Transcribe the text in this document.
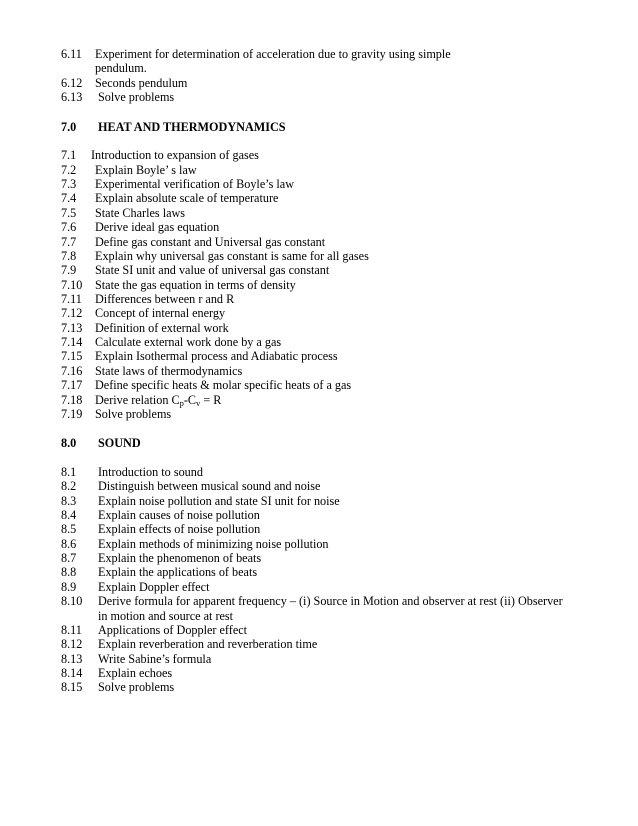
6.11 Experiment for determination of acceleration due to gravity using simple
pendulum.
6.12 Seconds pendulum
6.13 Solve problems
7.0 HEAT AND THERMODYNAMICS
7.1 Introduction to expansion of gases
7.2 Explain Boyle’ s law
7.3 Experimental verification of Boyle’s law
7.4 Explain absolute scale of temperature
7.5 State Charles laws
7.6 Derive ideal gas equation
7.7 Define gas constant and Universal gas constant
7.8 Explain why universal gas constant is same for all gases
7.9 State SI unit and value of universal gas constant
7.10 State the gas equation in terms of density
7.11 Differences between r and R
7.12 Concept of internal energy
7.13 Definition of external work
7.14 Calculate external work done by a gas
7.15 Explain Isothermal process and Adiabatic process
7.16 State laws of thermodynamics
7.17 Define specific heats & molar specific heats of a gas
7.18 Derive relation $C_p-C_v = R$
7.19 Solve problems
8.0 SOUND
8.1 Introduction to sound
8.2 Distinguish between musical sound and noise
8.3 Explain noise pollution and state SI unit for noise
8.4 Explain causes of noise pollution
8.5 Explain effects of noise pollution
8.6 Explain methods of minimizing noise pollution
8.7 Explain the phenomenon of beats
8.8 Explain the applications of beats
8.9 Explain Doppler effect
8.10 Derive formula for apparent frequency – (i) Source in Motion and observer at rest (ii) Observer
in motion and source at rest
8.11 Applications of Doppler effect
8.12 Explain reverberation and reverberation time
8.13 Write Sabine’s formula
8.14 Explain echoes
8.15 Solve problems
